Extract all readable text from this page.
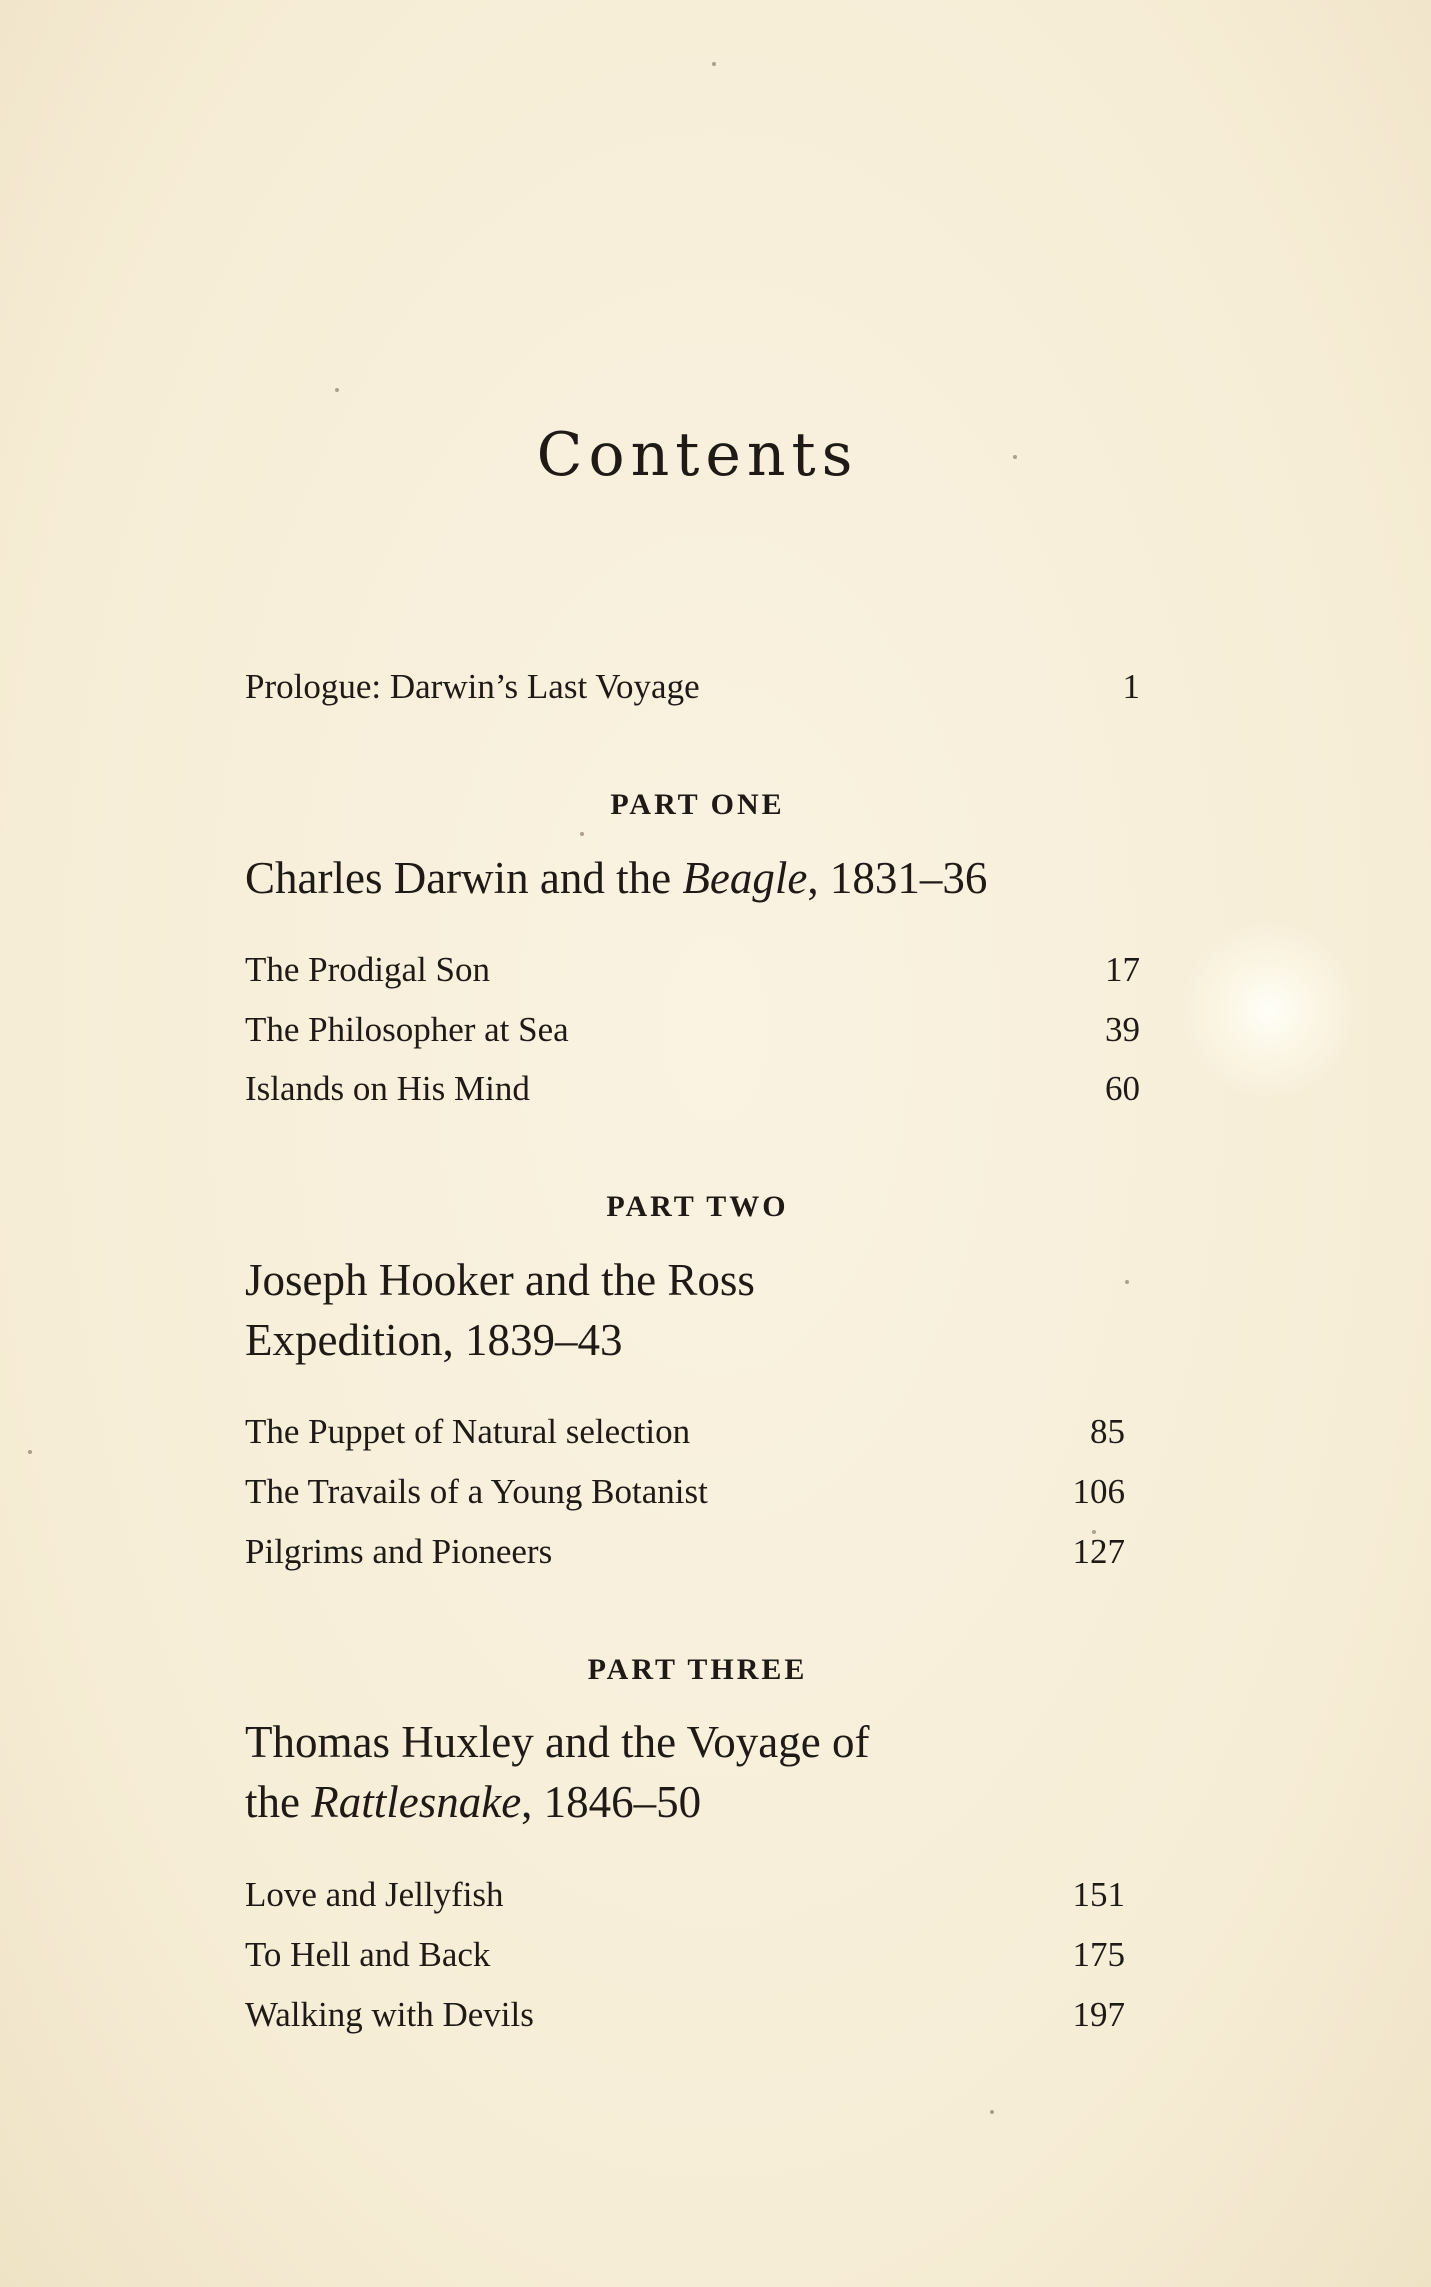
Contents
Prologue: Darwin’s Last Voyage	1
PART ONE
Charles Darwin and the Beagle, 1831–36
The Prodigal Son	17
The Philosopher at Sea	39
Islands on His Mind	60
PART TWO
Joseph Hooker and the Ross
Expedition, 1839–43
The Puppet of Natural selection	85
The Travails of a Young Botanist	106
Pilgrims and Pioneers	127
PART THREE
Thomas Huxley and the Voyage of
the Rattlesnake, 1846–50
Love and Jellyfish	151
To Hell and Back	175
Walking with Devils	197
